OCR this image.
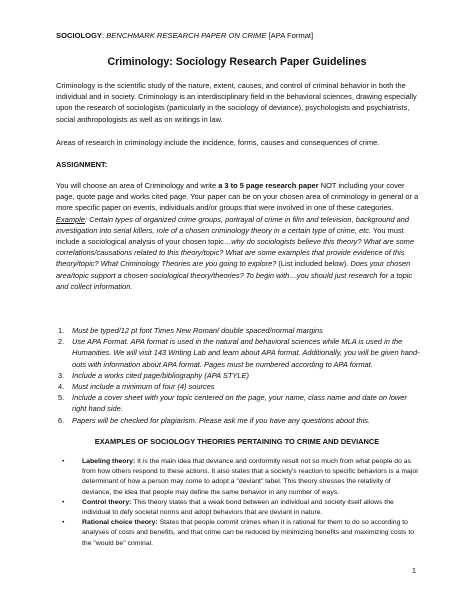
SOCIOLOGY: BENCHMARK RESEARCH PAPER ON CRIME [APA Format]
Criminology: Sociology Research Paper Guidelines
Criminology is the scientific study of the nature, extent, causes, and control of criminal behavior in both the individual and in society. Criminology is an interdisciplinary field in the behavioral sciences, drawing especially upon the research of sociologists (particularly in the sociology of deviance), psychologists and psychiatrists, social anthropologists as well as on writings in law.
Areas of research in criminology include the incidence, forms, causes and consequences of crime.
ASSIGNMENT:
You will choose an area of Criminology and write a 3 to 5 page research paper NOT including your cover page, quote page and works cited page. Your paper can be on your chosen area of criminology in general or a more specific paper on events, individuals and/or groups that were involved in one of these categories. Example: Certain types of organized crime groups, portrayal of crime in film and television, background and investigation into serial killers, role of a chosen criminology theory in a certain type of crime, etc. You must include a sociological analysis of your chosen topic…why do sociologists believe this theory? What are some correlations/causations related to this theory/topic? What are some examples that provide evidence of this theory/topic? What Criminology Theories are you going to explore? (List included below). Does your chosen area/topic support a chosen sociological theory/theories? To begin with…you should just research for a topic and collect information.
1. Must be typed/12 pt font Times New Roman/ double spaced/normal margins
2. Use APA Format. APA format is used in the natural and behavioral sciences while MLA is used in the Humanities. We will visit 143 Writing Lab and learn about APA format. Additionally, you will be given hand-outs with information about APA format. Pages must be numbered according to APA format.
3. Include a works cited page/bibliography (APA STYLE)
4. Must include a minimum of four (4) sources
5. Include a cover sheet with your topic centered on the page, your name, class name and date on lower right hand side.
6. Papers will be checked for plagiarism. Please ask me if you have any questions about this.
EXAMPLES OF SOCIOLOGY THEORIES PERTAINING TO CRIME AND DEVIANCE
•	Labeling theory: It is the main idea that deviance and conformity result not so much from what people do as from how others respond to these actions. It also states that a society's reaction to specific behaviors is a major determinant of how a person may come to adopt a "deviant" label. This theory stresses the relativity of deviance, the idea that people may define the same behavior in any number of ways.
•	Control theory: This theory states that a weak bond between an individual and society itself allows the individual to defy societal norms and adopt behaviors that are deviant in nature.
•	Rational choice theory: States that people commit crimes when it is rational for them to do so according to analyses of costs and benefits, and that crime can be reduced by minimizing benefits and maximizing costs to the "would be" criminal.
1
